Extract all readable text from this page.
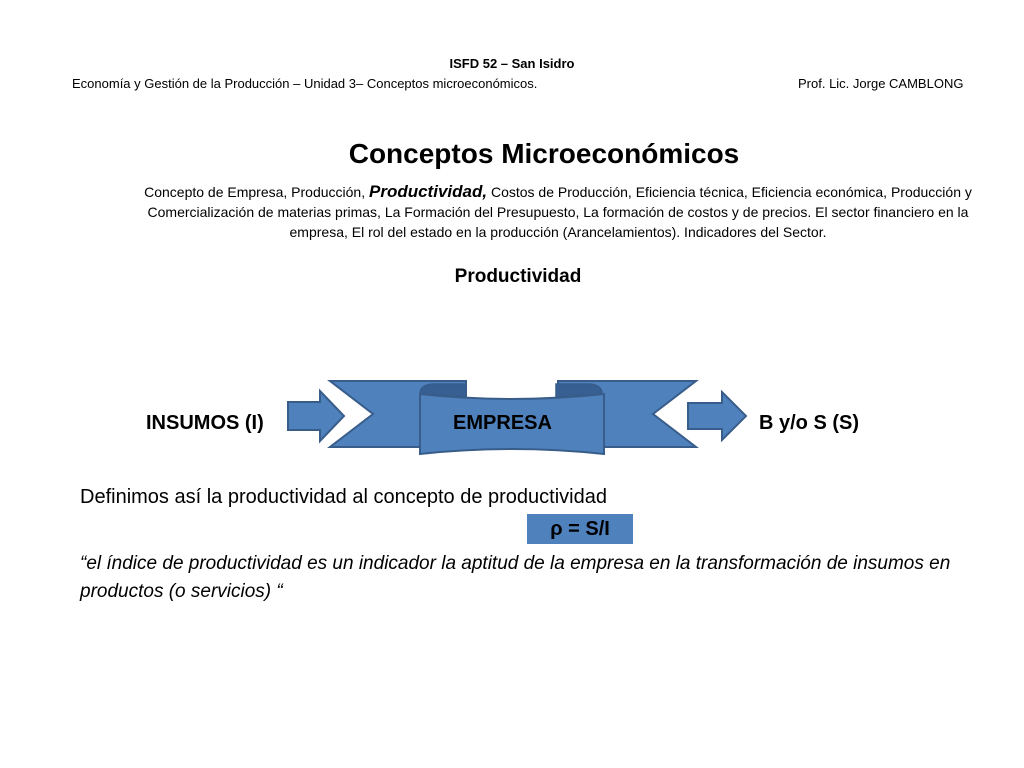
ISFD 52 – San Isidro
Economía y Gestión de la Producción – Unidad 3– Conceptos microeconómicos.	Prof. Lic. Jorge CAMBLONG
Conceptos Microeconómicos
Concepto de Empresa, Producción, Productividad, Costos de Producción, Eficiencia técnica, Eficiencia económica, Producción y Comercialización de materias primas, La Formación del Presupuesto, La formación de costos y de precios. El sector financiero en la empresa, El rol del estado en la producción (Arancelamientos). Indicadores del Sector.
Productividad
INSUMOS (I)	EMPRESA	B y/o S (S)
Definimos así la productividad al concepto de productividad
ρ = S/I
“el índice de productividad es un indicador la aptitud de la empresa en la transformación de insumos en productos (o servicios) “
